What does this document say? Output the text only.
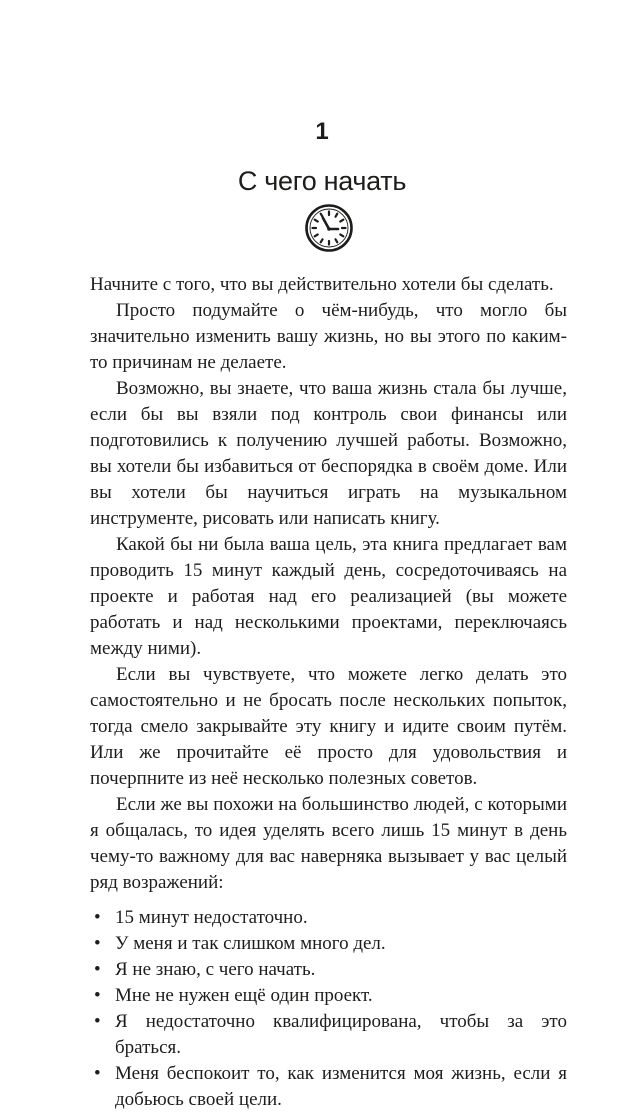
1
С чего начать

Начните с того, что вы действительно хотели бы сделать.

Просто подумайте о чём-нибудь, что могло бы значительно изменить вашу жизнь, но вы этого по каким-то причинам не делаете.

Возможно, вы знаете, что ваша жизнь стала бы лучше, если бы вы взяли под контроль свои финансы или подготовились к получению лучшей работы. Возможно, вы хотели бы избавиться от беспорядка в своём доме. Или вы хотели бы научиться играть на музыкальном инструменте, рисовать или написать книгу.

Какой бы ни была ваша цель, эта книга предлагает вам проводить 15 минут каждый день, сосредоточиваясь на проекте и работая над его реализацией (вы можете работать и над несколькими проектами, переключаясь между ними).

Если вы чувствуете, что можете легко делать это самостоятельно и не бросать после нескольких попыток, тогда смело закрывайте эту книгу и идите своим путём. Или же прочитайте её просто для удовольствия и почерпните из неё несколько полезных советов.

Если же вы похожи на большинство людей, с которыми я общалась, то идея уделять всего лишь 15 минут в день чему-то важному для вас наверняка вызывает у вас целый ряд возражений:

• 15 минут недостаточно.
• У меня и так слишком много дел.
• Я не знаю, с чего начать.
• Мне не нужен ещё один проект.
• Я недостаточно квалифицирована, чтобы за это браться.
• Меня беспокоит то, как изменится моя жизнь, если я добьюсь своей цели.
